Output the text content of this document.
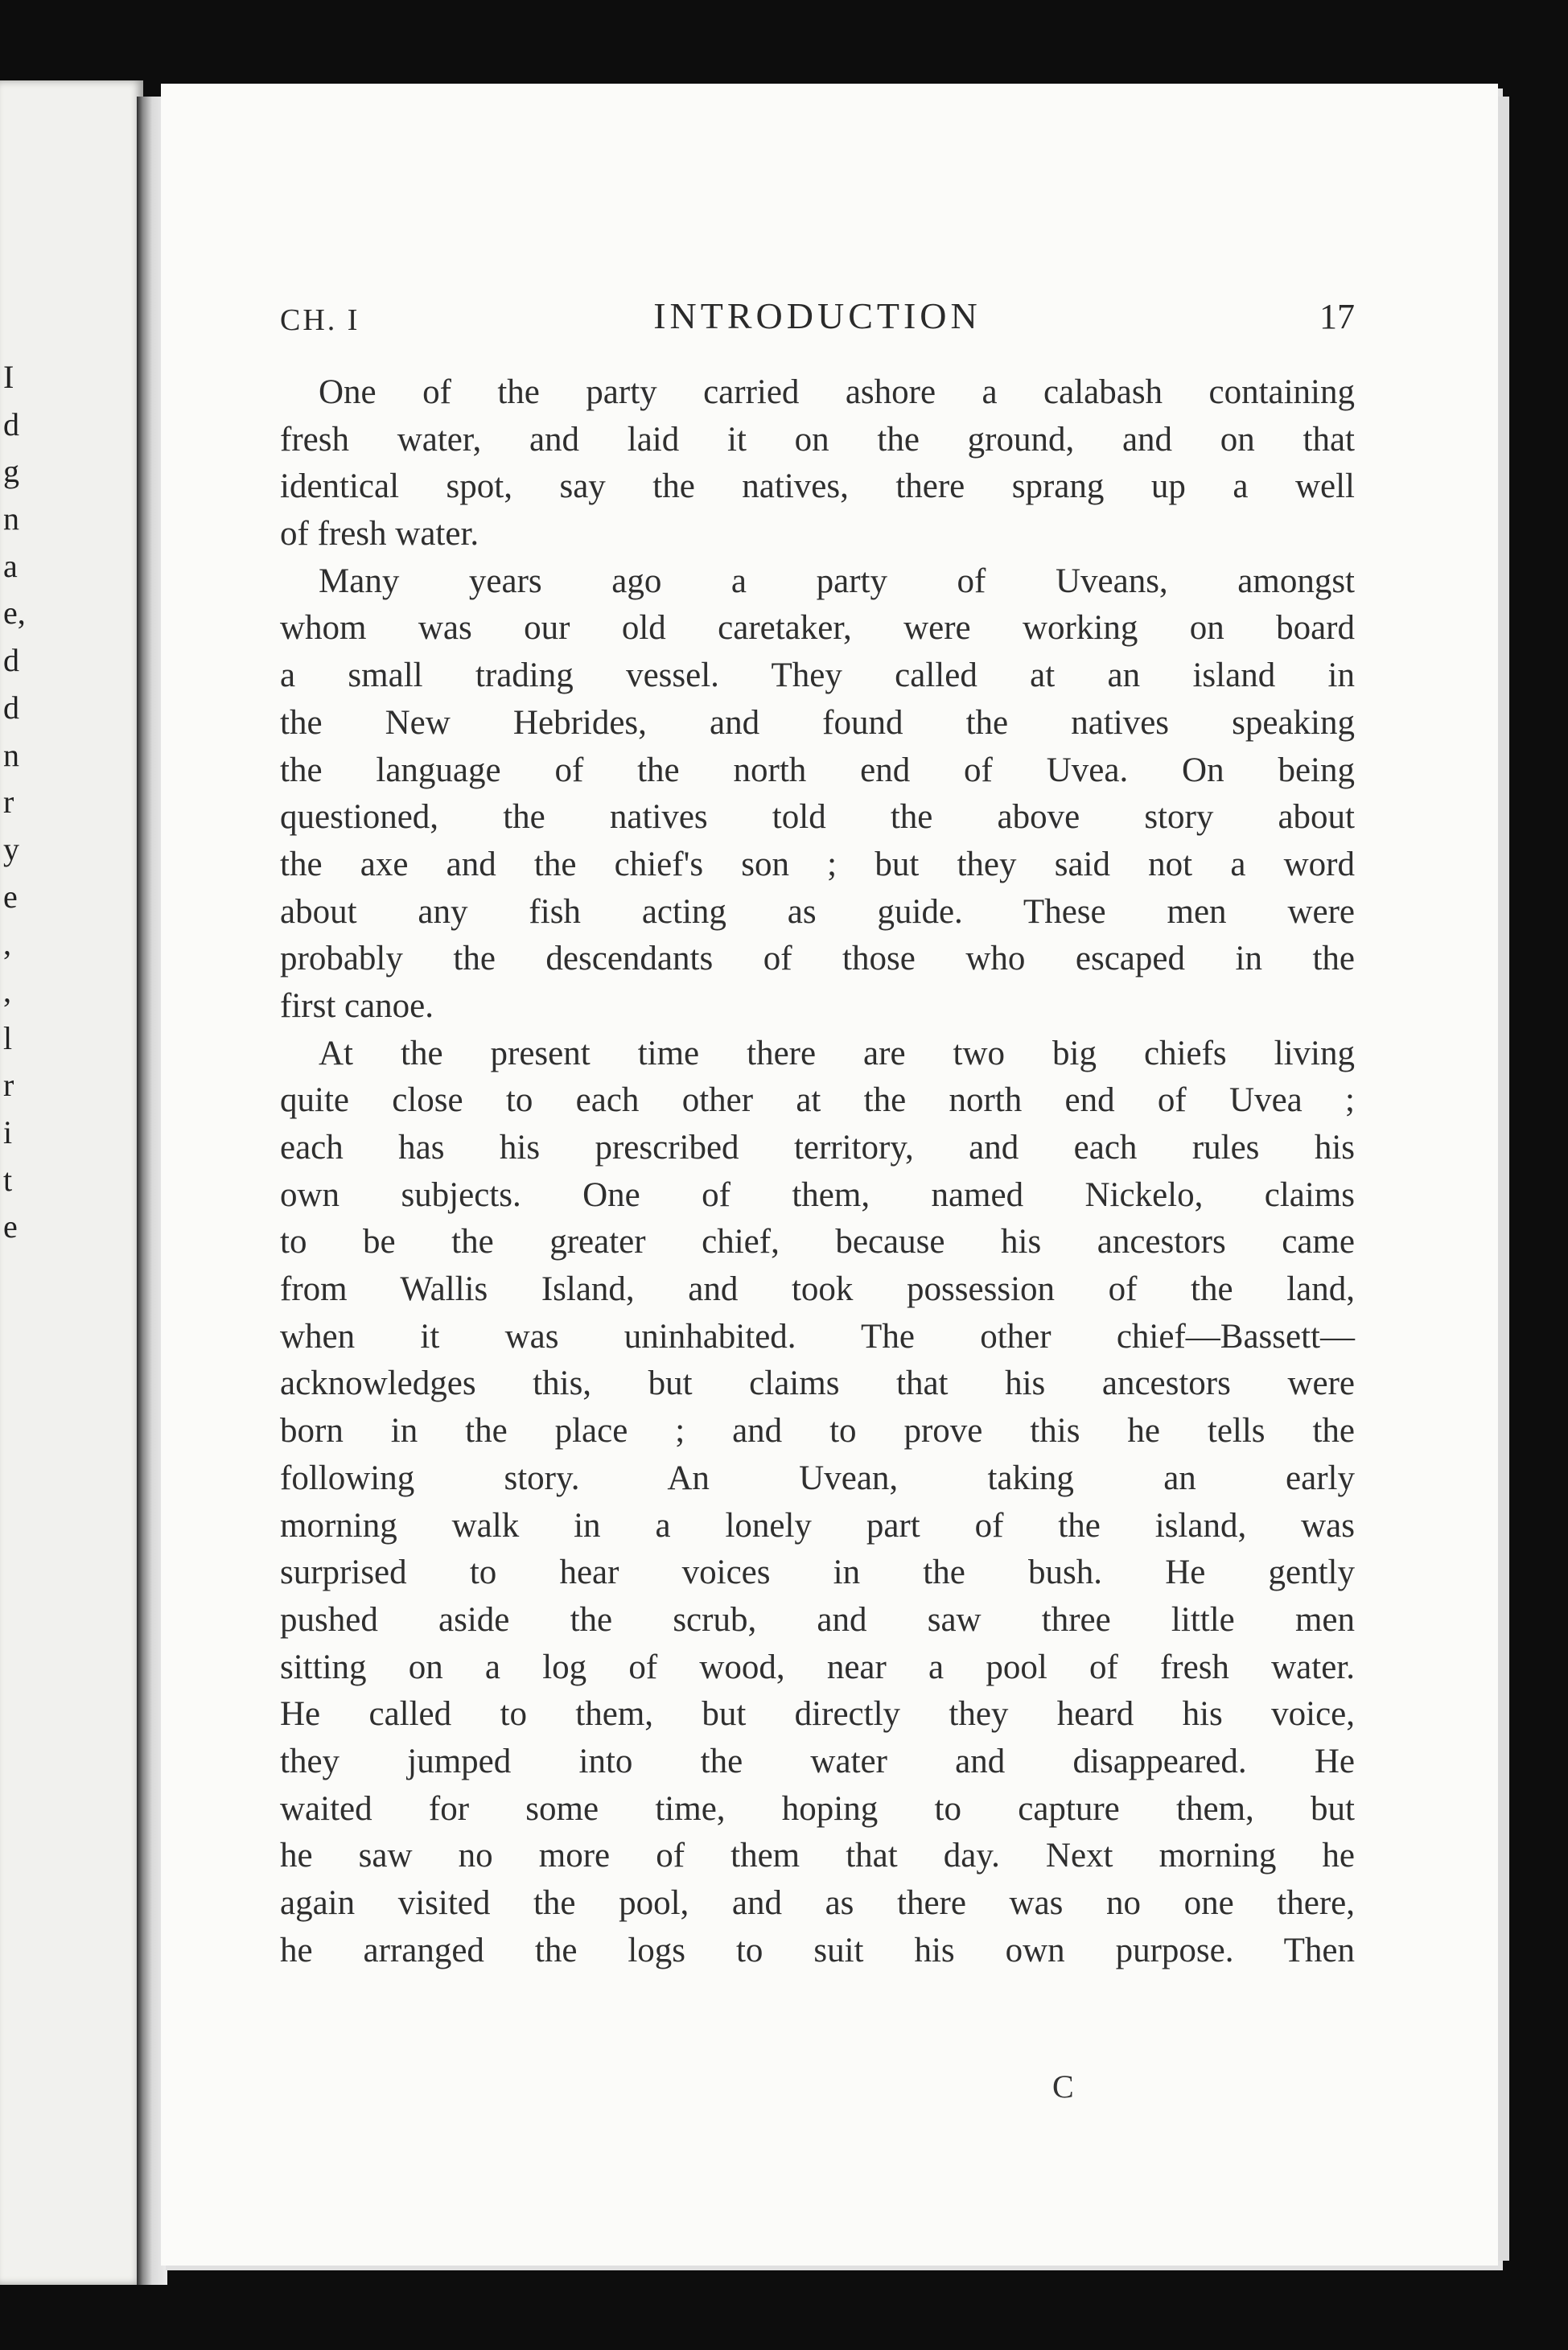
I
d
g
n
a
e,
d
d
n
r
y
e
,
,
l
r
i
t
e
CH. I	INTRODUCTION	17
One of the party carried ashore a calabash containing
fresh water, and laid it on the ground, and on that
identical spot, say the natives, there sprang up a well
of fresh water.
Many years ago a party of Uveans, amongst
whom was our old caretaker, were working on board
a small trading vessel. They called at an island in
the New Hebrides, and found the natives speaking
the language of the north end of Uvea. On being
questioned, the natives told the above story about
the axe and the chief's son ; but they said not a word
about any fish acting as guide. These men were
probably the descendants of those who escaped in the
first canoe.
At the present time there are two big chiefs living
quite close to each other at the north end of Uvea ;
each has his prescribed territory, and each rules his
own subjects. One of them, named Nickelo, claims
to be the greater chief, because his ancestors came
from Wallis Island, and took possession of the land,
when it was uninhabited. The other chief—Bassett—
acknowledges this, but claims that his ancestors were
born in the place ; and to prove this he tells the
following story. An Uvean, taking an early
morning walk in a lonely part of the island, was
surprised to hear voices in the bush. He gently
pushed aside the scrub, and saw three little men
sitting on a log of wood, near a pool of fresh water.
He called to them, but directly they heard his voice,
they jumped into the water and disappeared. He
waited for some time, hoping to capture them, but
he saw no more of them that day. Next morning he
again visited the pool, and as there was no one there,
he arranged the logs to suit his own purpose. Then
C
